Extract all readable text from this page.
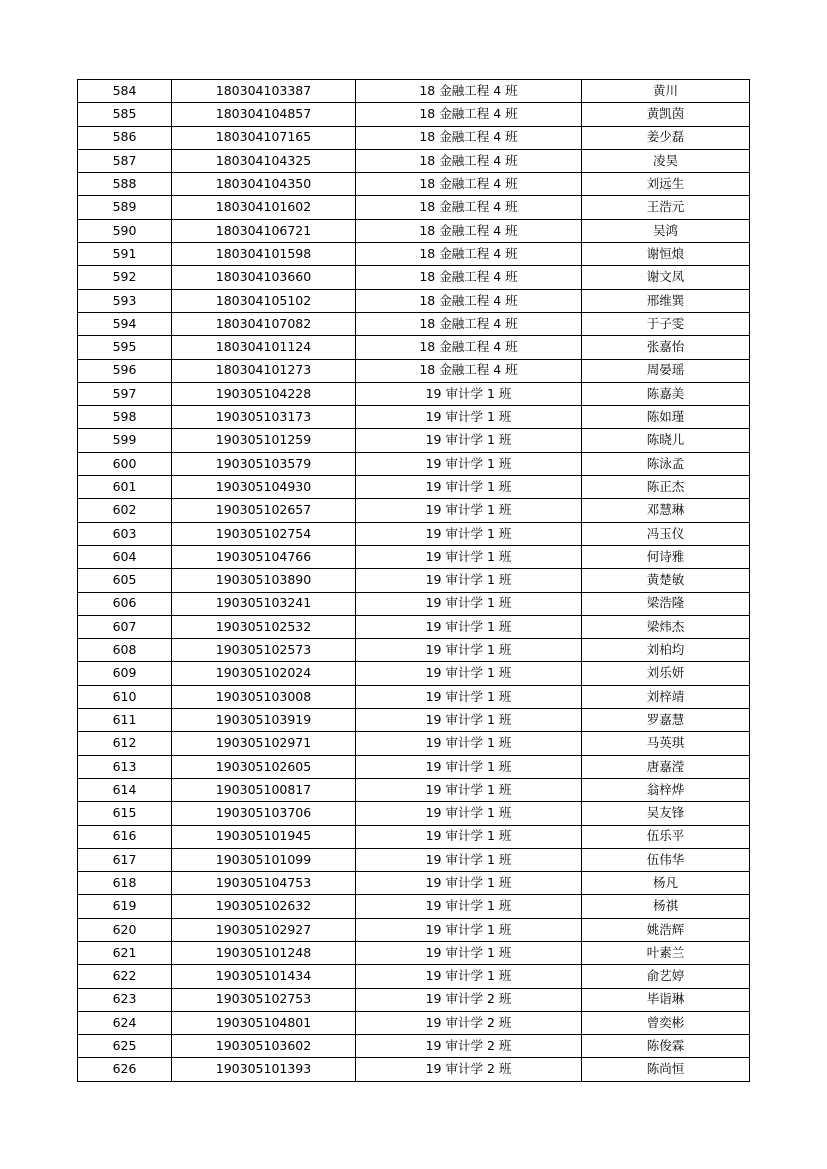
584	180304103387	18 金融工程 4 班	黄川
585	180304104857	18 金融工程 4 班	黄凯茵
586	180304107165	18 金融工程 4 班	姜少磊
587	180304104325	18 金融工程 4 班	凌昊
588	180304104350	18 金融工程 4 班	刘远生
589	180304101602	18 金融工程 4 班	王浩元
590	180304106721	18 金融工程 4 班	吴鸿
591	180304101598	18 金融工程 4 班	谢恒烺
592	180304103660	18 金融工程 4 班	谢文凤
593	180304105102	18 金融工程 4 班	邢维巽
594	180304107082	18 金融工程 4 班	于子雯
595	180304101124	18 金融工程 4 班	张嘉怡
596	180304101273	18 金融工程 4 班	周晏瑶
597	190305104228	19 审计学 1 班	陈嘉美
598	190305103173	19 审计学 1 班	陈如瑾
599	190305101259	19 审计学 1 班	陈晓儿
600	190305103579	19 审计学 1 班	陈泳孟
601	190305104930	19 审计学 1 班	陈正杰
602	190305102657	19 审计学 1 班	邓慧琳
603	190305102754	19 审计学 1 班	冯玉仪
604	190305104766	19 审计学 1 班	何诗雅
605	190305103890	19 审计学 1 班	黄楚敏
606	190305103241	19 审计学 1 班	梁浩隆
607	190305102532	19 审计学 1 班	梁炜杰
608	190305102573	19 审计学 1 班	刘柏均
609	190305102024	19 审计学 1 班	刘乐妍
610	190305103008	19 审计学 1 班	刘梓靖
611	190305103919	19 审计学 1 班	罗嘉慧
612	190305102971	19 审计学 1 班	马英琪
613	190305102605	19 审计学 1 班	唐嘉滢
614	190305100817	19 审计学 1 班	翁梓烨
615	190305103706	19 审计学 1 班	吴友锋
616	190305101945	19 审计学 1 班	伍乐平
617	190305101099	19 审计学 1 班	伍伟华
618	190305104753	19 审计学 1 班	杨凡
619	190305102632	19 审计学 1 班	杨祺
620	190305102927	19 审计学 1 班	姚浩辉
621	190305101248	19 审计学 1 班	叶素兰
622	190305101434	19 审计学 1 班	俞艺婷
623	190305102753	19 审计学 2 班	毕诣琳
624	190305104801	19 审计学 2 班	曾奕彬
625	190305103602	19 审计学 2 班	陈俊霖
626	190305101393	19 审计学 2 班	陈尚恒
